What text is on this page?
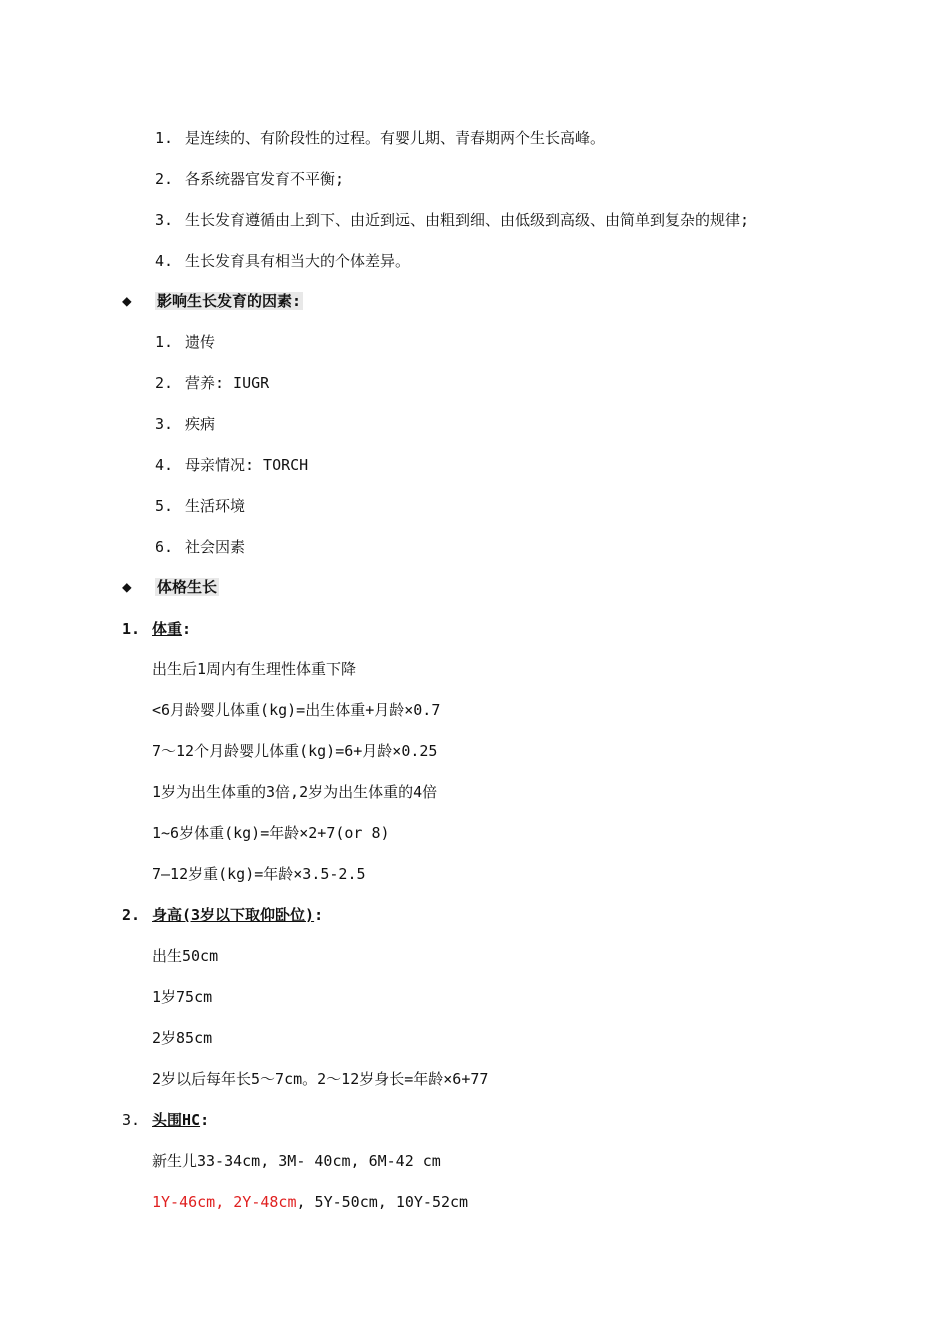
1. 是连续的、有阶段性的过程。有婴儿期、青春期两个生长高峰。
2. 各系统器官发育不平衡;
3. 生长发育遵循由上到下、由近到远、由粗到细、由低级到高级、由简单到复杂的规律;
4. 生长发育具有相当大的个体差异。
◆ 影响生长发育的因素:
1. 遗传
2. 营养: IUGR
3. 疾病
4. 母亲情况: TORCH
5. 生活环境
6. 社会因素
◆ 体格生长
1. 体重:
出生后1周内有生理性体重下降
<6月龄婴儿体重(kg)=出生体重+月龄×0.7
7～12个月龄婴儿体重(kg)=6+月龄×0.25
1岁为出生体重的3倍,2岁为出生体重的4倍
1~6岁体重(kg)=年龄×2+7(or 8)
7—12岁重(kg)=年龄×3.5-2.5
2. 身高(3岁以下取仰卧位):
出生50cm
1岁75cm
2岁85cm
2岁以后每年长5～7cm。2～12岁身长=年龄×6+77
3. 头围HC:
新生儿33-34cm, 3M- 40cm, 6M-42 cm
1Y-46cm, 2Y-48cm, 5Y-50cm, 10Y-52cm
